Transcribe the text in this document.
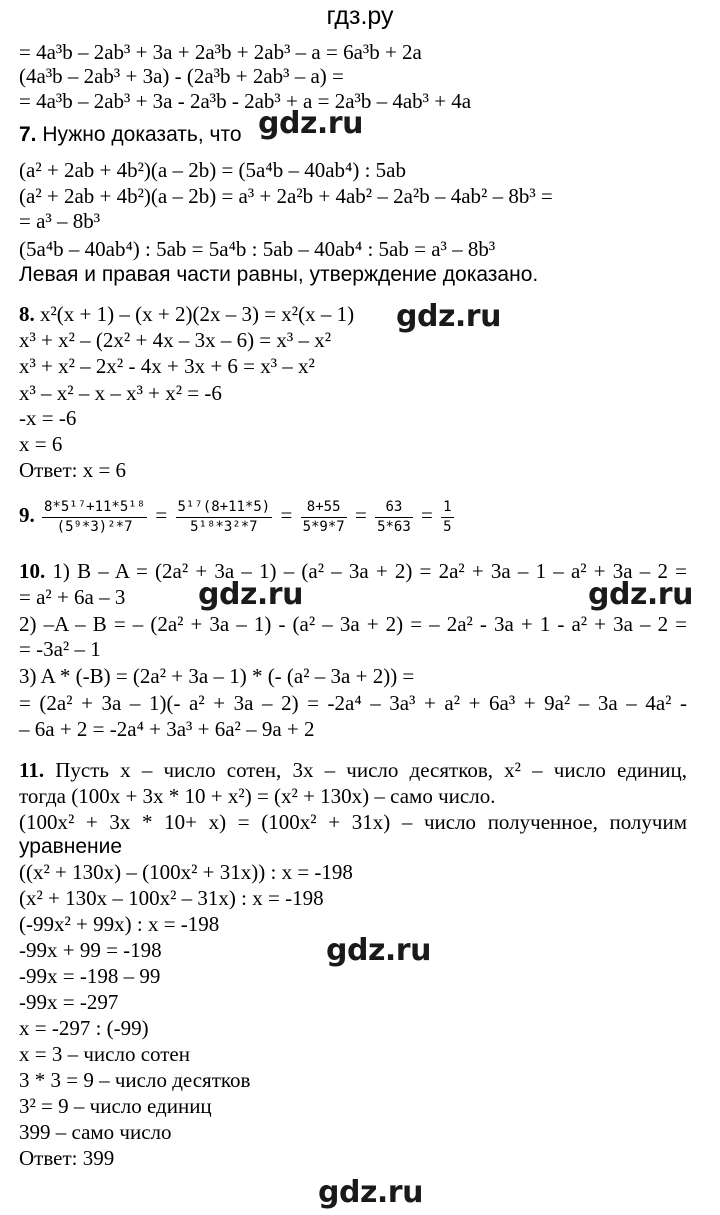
гдз.ру
= 4a³b – 2ab³ + 3a + 2a³b + 2ab³ – a = 6a³b + 2a
(4a³b – 2ab³ + 3a) - (2a³b + 2ab³ – a) =
= 4a³b – 2ab³ + 3a - 2a³b - 2ab³ + a = 2a³b – 4ab³ + 4a
7. Нужно доказать, что gdz.ru
(a² + 2ab + 4b²)(a – 2b) = (5a⁴b – 40ab⁴) : 5ab
(a² + 2ab + 4b²)(a – 2b) = a³ + 2a²b + 4ab² – 2a²b – 4ab² – 8b³ =
= a³ – 8b³
(5a⁴b – 40ab⁴) : 5ab = 5a⁴b : 5ab – 40ab⁴ : 5ab = a³ – 8b³
Левая и правая части равны, утверждение доказано.
8. x²(x + 1) – (x + 2)(2x – 3) = x²(x – 1) gdz.ru
x³ + x² – (2x² + 4x – 3x – 6) = x³ – x²
x³ + x² – 2x² - 4x + 3x + 6 = x³ – x²
x³ – x² – x – x³ + x² = -6
-x = -6
x = 6
Ответ: x = 6
9. $\frac{\text{8*5¹⁷+11*5¹⁸}}{\text{(5⁹*3)²*7}} = \frac{\text{5¹⁷(8+11*5)}}{\text{5¹⁸*3²*7}} = \frac{8+55}{5*9*7} = \frac{63}{5*63} = \frac{1}{5}$
10. 1) B – A = (2a² + 3a – 1) – (a² – 3a + 2) = 2a² + 3a – 1 – a² + 3a – 2 =
= a² + 6a – 3 gdz.ru	gdz.ru
2) –A – B = – (2a² + 3a – 1) - (a² – 3a + 2) = – 2a² - 3a + 1 - a² + 3a – 2 =
= -3a² – 1
3) A * (-B) = (2a² + 3a – 1) * (- (a² – 3a + 2)) =
= (2a² + 3a – 1)(- a² + 3a – 2) = -2a⁴ – 3a³ + a² + 6a³ + 9a² – 3a – 4a² -
– 6a + 2 = -2a⁴ + 3a³ + 6a² – 9a + 2
11. Пусть x – число сотен, 3x – число десятков, x² – число единиц,
тогда (100x + 3x * 10 + x²) = (x² + 130x) – само число.
(100x² + 3x * 10+ x) = (100x² + 31x) – число полученное, получим
уравнение
((x² + 130x) – (100x² + 31x)) : x = -198
(x² + 130x – 100x² – 31x) : x = -198
(-99x² + 99x) : x = -198
-99x + 99 = -198	gdz.ru
-99x = -198 – 99
-99x = -297
x = -297 : (-99)
x = 3 – число сотен
3 * 3 = 9 – число десятков
3² = 9 – число единиц
399 – само число
Ответ: 399
gdz.ru
